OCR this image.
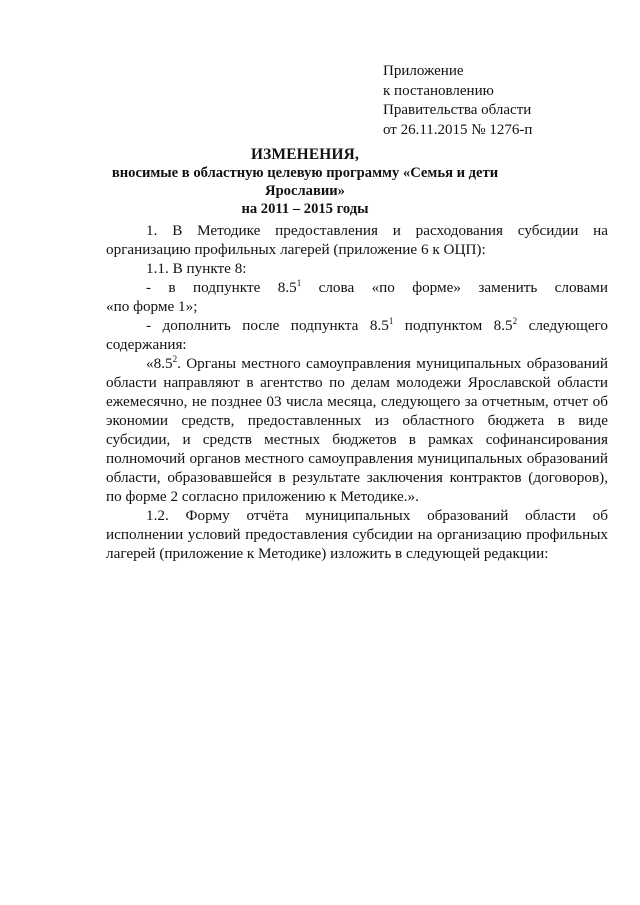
Приложение
к постановлению
Правительства области
от 26.11.2015 № 1276-п
ИЗМЕНЕНИЯ,
вносимые в областную целевую программу «Семья и дети Ярославии»
на 2011 – 2015 годы

1. В Методике предоставления и расходования субсидии на организацию профильных лагерей (приложение 6 к ОЦП):

1.1. В пункте 8:

- в подпункте $8.5^1$ слова «по форме» заменить словами

«по форме 1»;

- дополнить после подпункта $8.5^1$ подпунктом $8.5^2$ следующего содержания:

«$8.5^2$. Органы местного самоуправления муниципальных образований области направляют в агентство по делам молодежи Ярославской области ежемесячно, не позднее 03 числа месяца, следующего за отчетным, отчет об экономии средств, предоставленных из областного бюджета в виде субсидии, и средств местных бюджетов в рамках софинансирования полномочий органов местного самоуправления муниципальных образований области, образовавшейся в результате заключения контрактов (договоров), по форме 2 согласно приложению к Методике.».

1.2. Форму отчёта муниципальных образований области об исполнении условий предоставления субсидии на организацию профильных лагерей (приложение к Методике) изложить в следующей редакции:
